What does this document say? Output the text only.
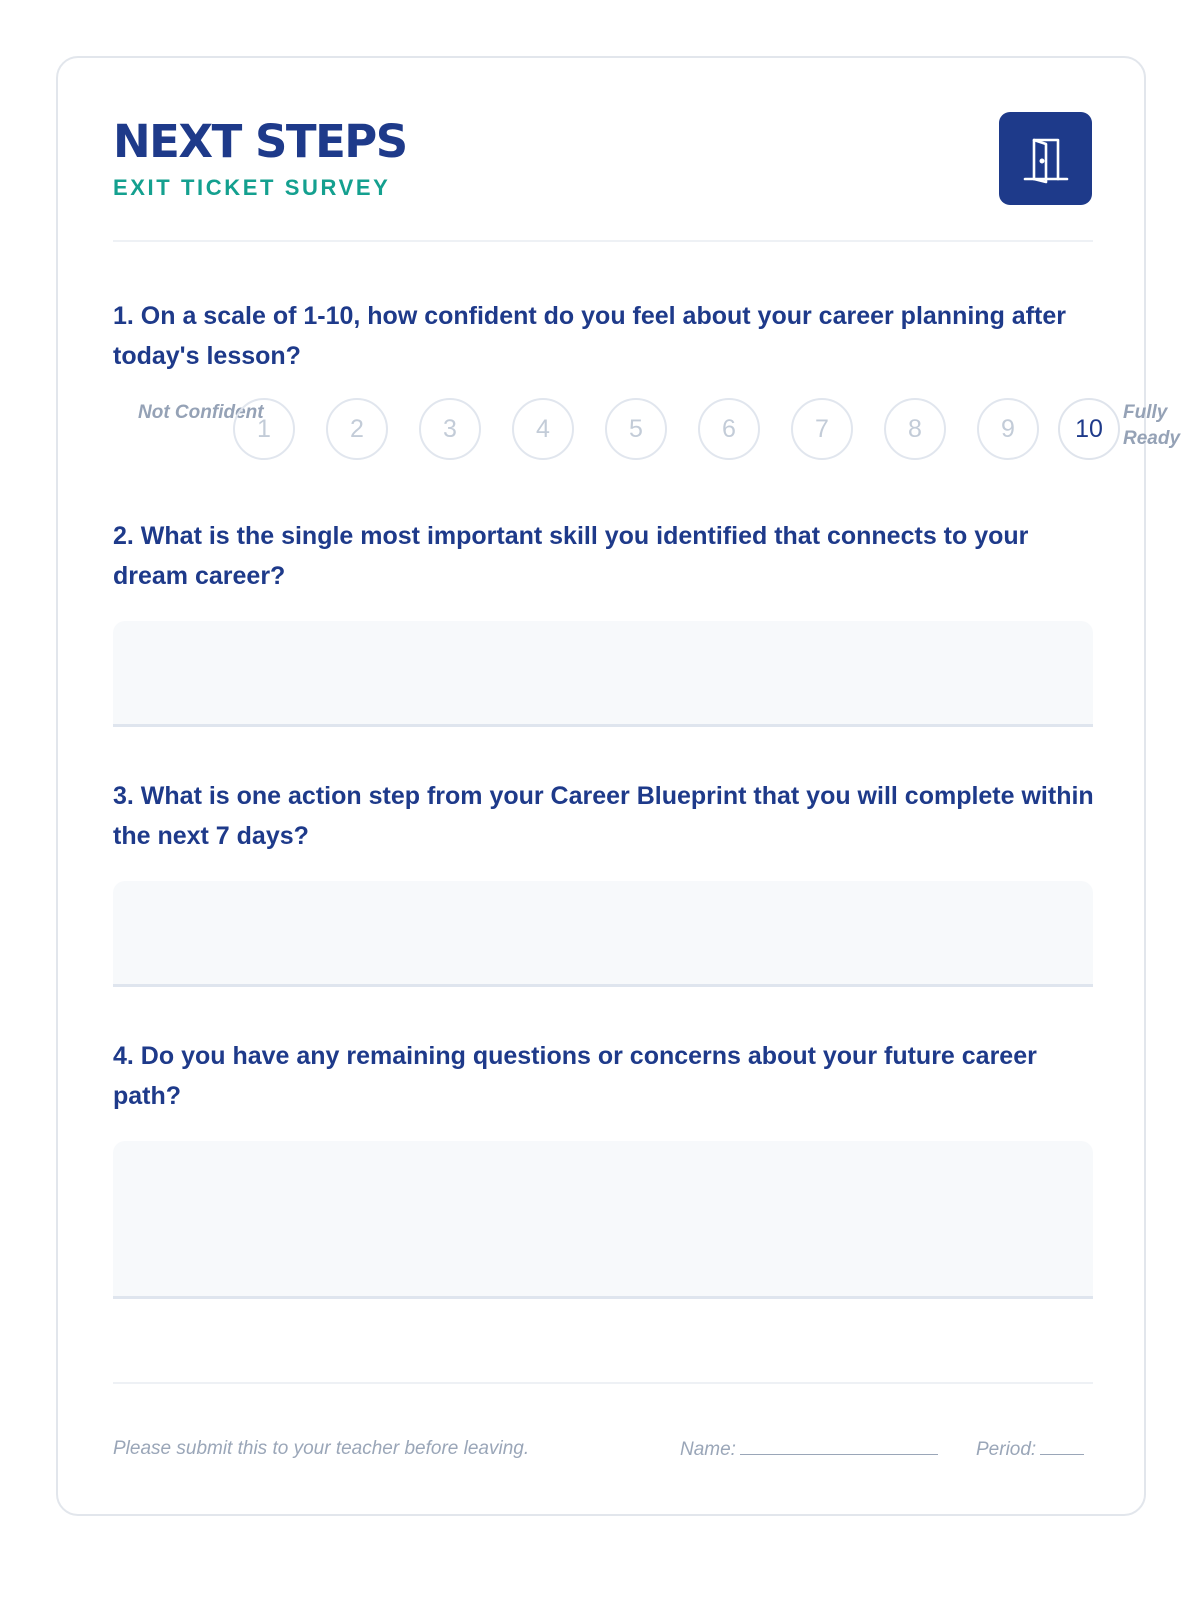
NEXT STEPS
EXIT TICKET SURVEY

1. On a scale of 1-10, how confident do you feel about your career planning after today's lesson?

Not Confident
1	2	3	4	5	6	7	8	9	10
Fully Ready

2. What is the single most important skill you identified that connects to your dream career?

3. What is one action step from your Career Blueprint that you will complete within the next 7 days?

4. Do you have any remaining questions or concerns about your future career path?

Please submit this to your teacher before leaving.	Name:	Period:
